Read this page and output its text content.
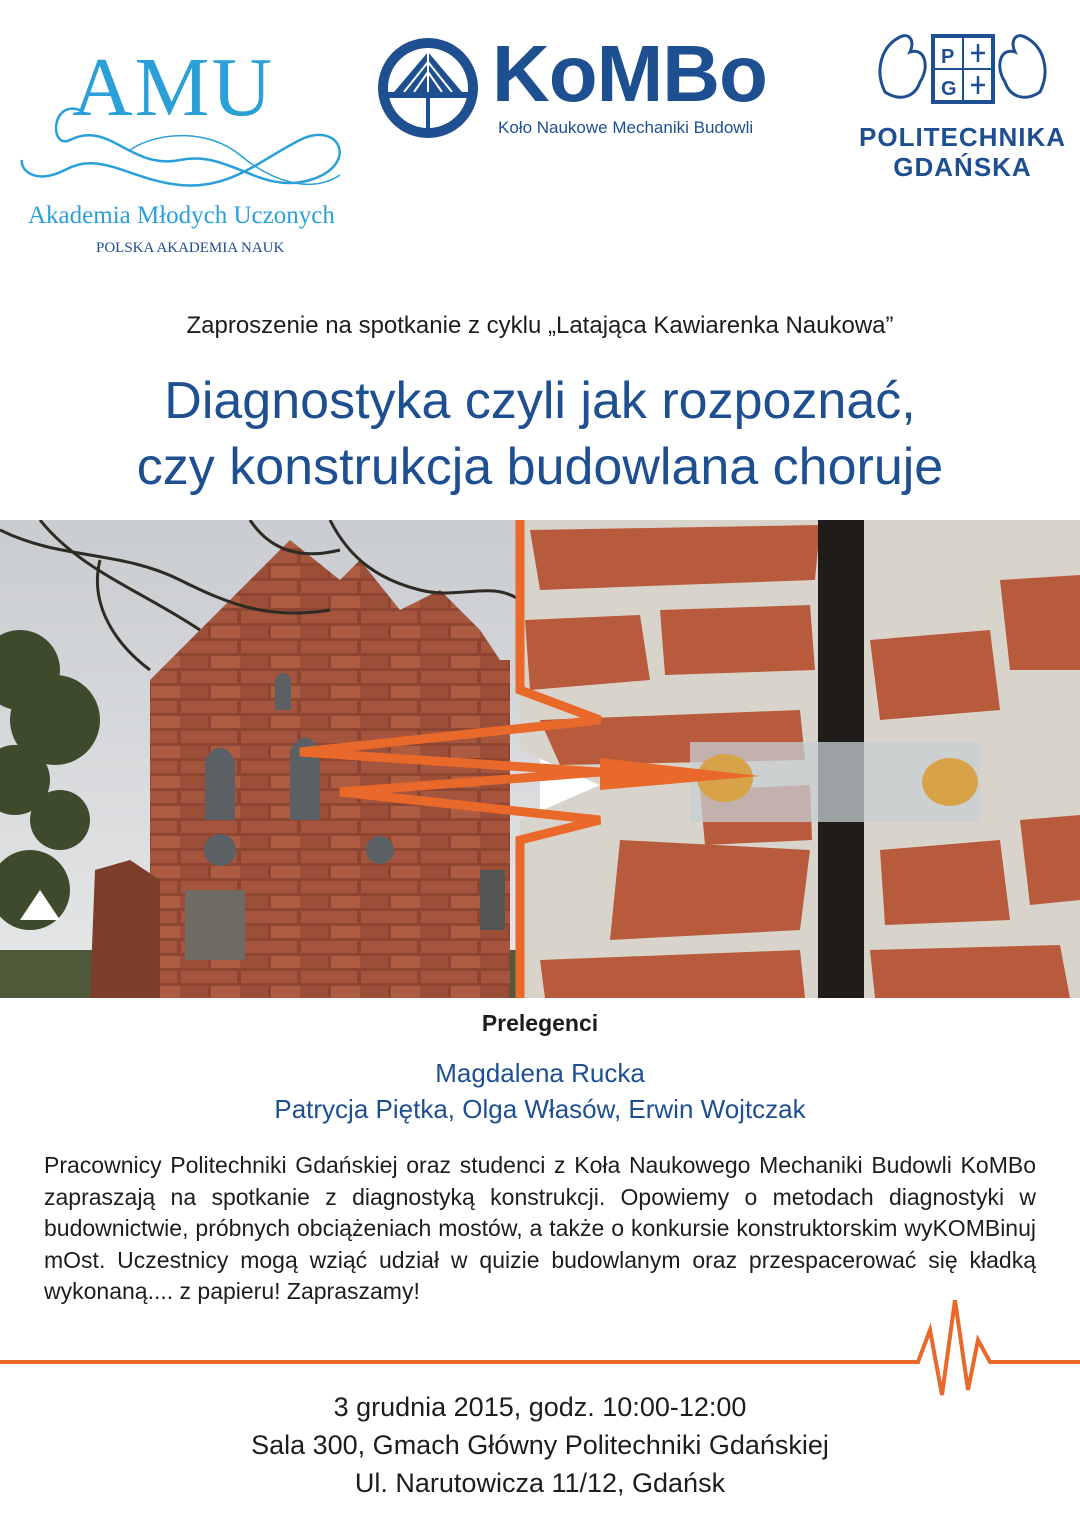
AMU
Akademia Młodych Uczonych
POLSKA AKADEMIA NAUK
KoMBo
Koło Naukowe Mechaniki Budowli
P
G
POLITECHNIKA
GDAŃSKA
Zaproszenie na spotkanie z cyklu „Latająca Kawiarenka Naukowa”
Diagnostyka czyli jak rozpoznać,
czy konstrukcja budowlana choruje
Prelegenci
Magdalena Rucka
Patrycja Piętka, Olga Własów, Erwin Wojtczak

Pracownicy Politechniki Gdańskiej oraz studenci z Koła Naukowego Mechaniki Budowli KoMBo zapraszają na spotkanie z diagnostyką konstrukcji. Opowiemy o metodach diagnostyki w budownictwie, próbnych obciążeniach mostów, a także o konkursie konstruktorskim wyKOMBinuj mOst. Uczestnicy mogą wziąć udział w quizie budowlanym oraz przespacerować się kładką wykonaną.... z papieru! Zapraszamy!

3 grudnia 2015, godz. 10:00-12:00
Sala 300, Gmach Główny Politechniki Gdańskiej
Ul. Narutowicza 11/12, Gdańsk
